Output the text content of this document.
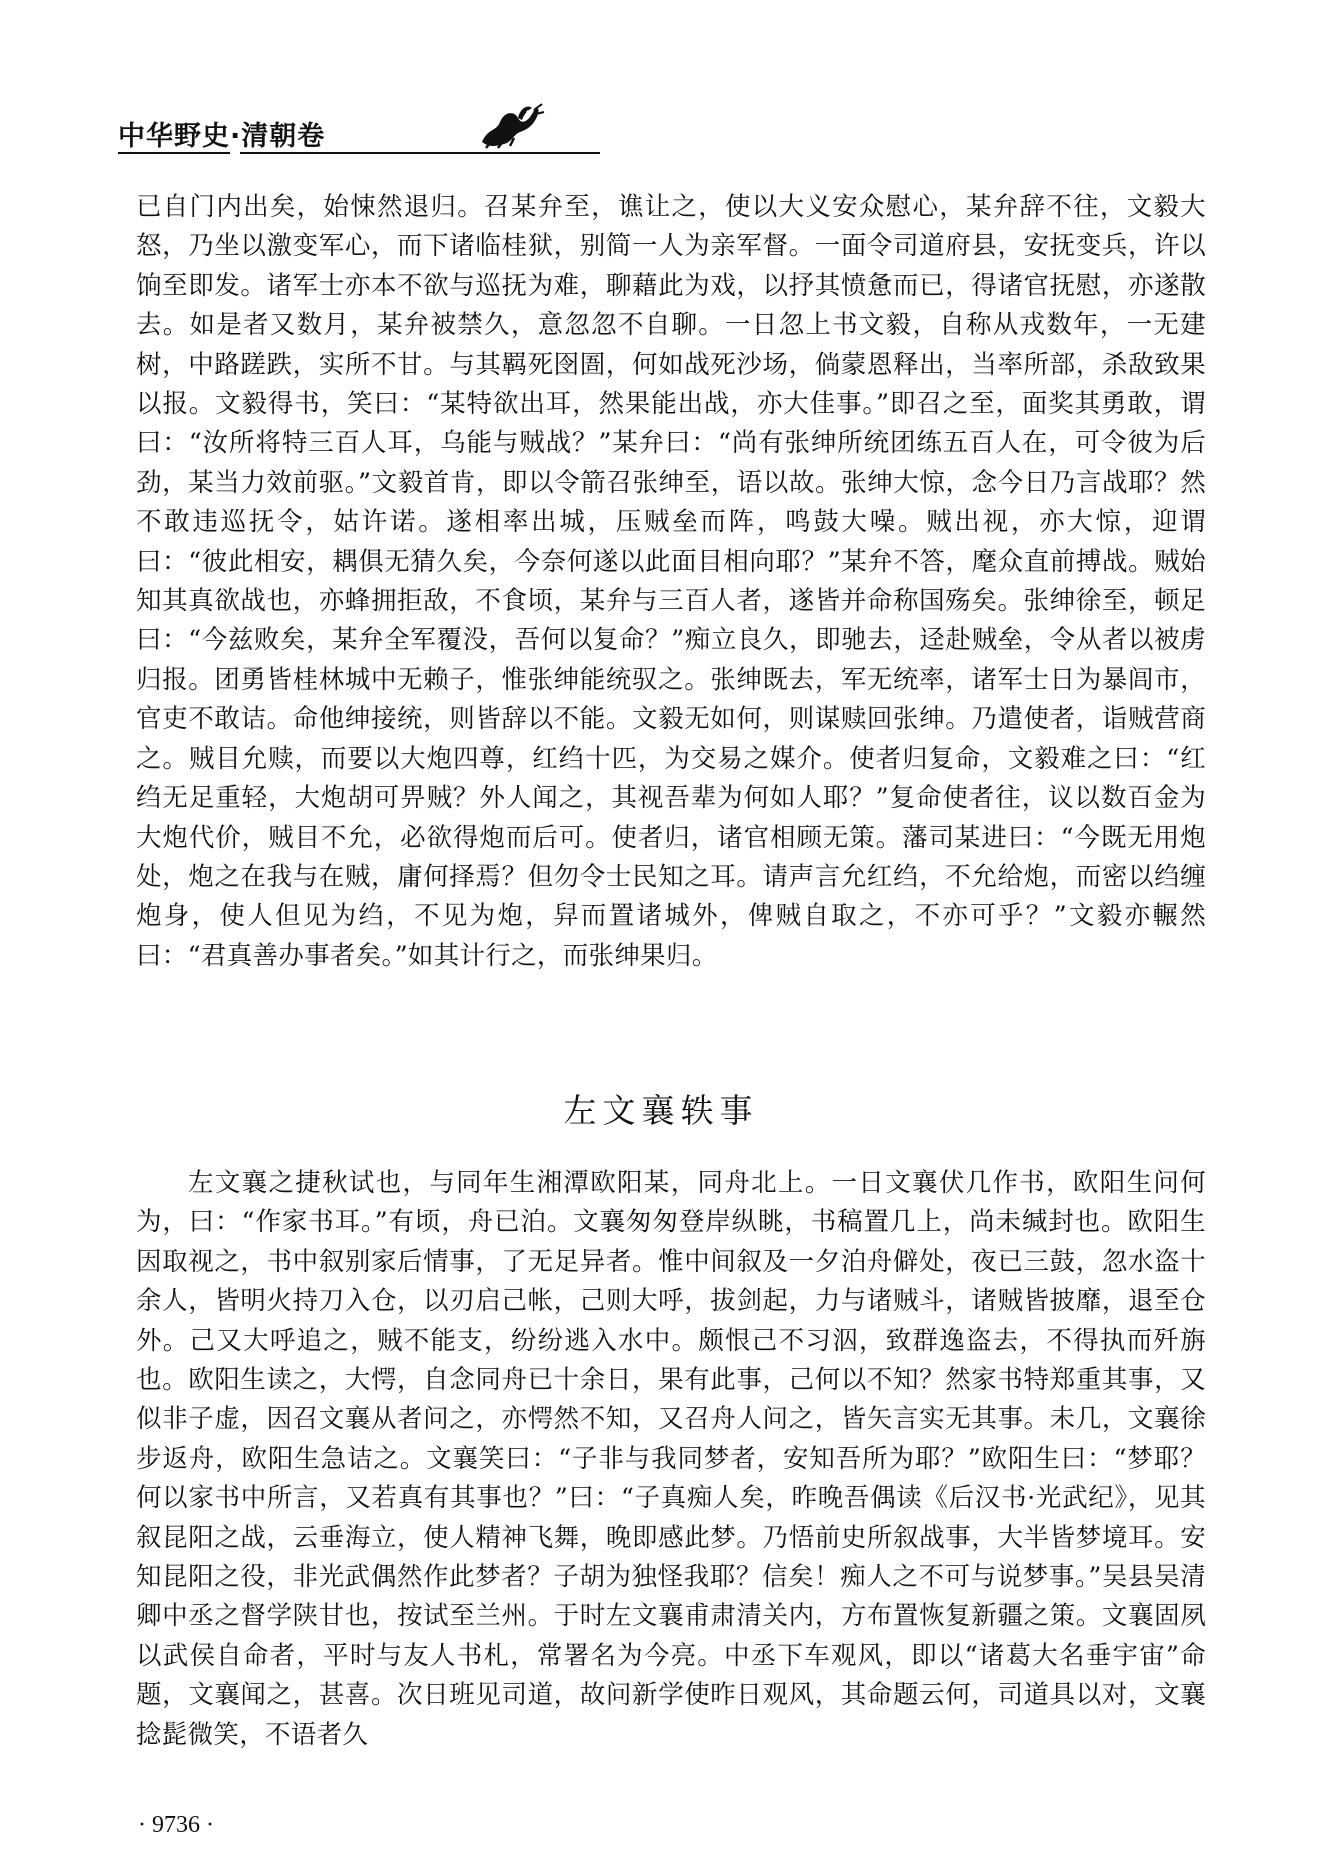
中华野史·清朝卷

已自门内出矣，始悚然退归。召某弁至，谯让之，使以大义安众慰心，某弁辞不往，文毅大怒，乃坐以激变军心，而下诸临桂狱，别简一人为亲军督。一面令司道府县，安抚变兵，许以饷至即发。诸军士亦本不欲与巡抚为难，聊藉此为戏，以抒其愤惫而已，得诸官抚慰，亦遂散去。如是者又数月，某弁被禁久，意忽忽不自聊。一日忽上书文毅，自称从戎数年，一无建树，中路蹉跌，实所不甘。与其羁死囹圄，何如战死沙场，倘蒙恩释出，当率所部，杀敌致果以报。文毅得书，笑曰：“某特欲出耳，然果能出战，亦大佳事。”即召之至，面奖其勇敢，谓曰：“汝所将特三百人耳，乌能与贼战？”某弁曰：“尚有张绅所统团练五百人在，可令彼为后劲，某当力效前驱。”文毅首肯，即以令箭召张绅至，语以故。张绅大惊，念今日乃言战耶？然不敢违巡抚令，姑许诺。遂相率出城，压贼垒而阵，鸣鼓大噪。贼出视，亦大惊，迎谓曰：“彼此相安，耦俱无猜久矣，今奈何遂以此面目相向耶？”某弁不答，麾众直前搏战。贼始知其真欲战也，亦蜂拥拒敌，不食顷，某弁与三百人者，遂皆并命称国殇矣。张绅徐至，顿足曰：“今兹败矣，某弁全军覆没，吾何以复命？”痴立良久，即驰去，迳赴贼垒，令从者以被虏归报。团勇皆桂林城中无赖子，惟张绅能统驭之。张绅既去，军无统率，诸军士日为暴闾市，官吏不敢诘。命他绅接统，则皆辞以不能。文毅无如何，则谋赎回张绅。乃遣使者，诣贼营商之。贼目允赎，而要以大炮四尊，红绉十匹，为交易之媒介。使者归复命，文毅难之曰：“红绉无足重轻，大炮胡可畀贼？外人闻之，其视吾辈为何如人耶？”复命使者往，议以数百金为大炮代价，贼目不允，必欲得炮而后可。使者归，诸官相顾无策。藩司某进曰：“今既无用炮处，炮之在我与在贼，庸何择焉？但勿令士民知之耳。请声言允红绉，不允给炮，而密以绉缠炮身，使人但见为绉，不见为炮，舁而置诸城外，俾贼自取之，不亦可乎？”文毅亦輾然曰：“君真善办事者矣。”如其计行之，而张绅果归。

左文襄轶事

左文襄之捷秋试也，与同年生湘潭欧阳某，同舟北上。一日文襄伏几作书，欧阳生问何为，曰：“作家书耳。”有顷，舟已泊。文襄匆匆登岸纵眺，书稿置几上，尚未缄封也。欧阳生因取视之，书中叙别家后情事，了无足异者。惟中间叙及一夕泊舟僻处，夜已三鼓，忽水盗十余人，皆明火持刀入仓，以刃启己帐，己则大呼，拔剑起，力与诸贼斗，诸贼皆披靡，退至仓外。己又大呼追之，贼不能支，纷纷逃入水中。颇恨己不习泅，致群逸盗去，不得执而歼旃也。欧阳生读之，大愕，自念同舟已十余日，果有此事，己何以不知？然家书特郑重其事，又似非子虚，因召文襄从者问之，亦愕然不知，又召舟人问之，皆矢言实无其事。未几，文襄徐步返舟，欧阳生急诘之。文襄笑曰：“子非与我同梦者，安知吾所为耶？”欧阳生曰：“梦耶？何以家书中所言，又若真有其事也？”曰：“子真痴人矣，昨晚吾偶读《后汉书·光武纪》，见其叙昆阳之战，云垂海立，使人精神飞舞，晚即感此梦。乃悟前史所叙战事，大半皆梦境耳。安知昆阳之役，非光武偶然作此梦者？子胡为独怪我耶？信矣！痴人之不可与说梦事。”吴县吴清卿中丞之督学陕甘也，按试至兰州。于时左文襄甫肃清关内，方布置恢复新疆之策。文襄固夙以武侯自命者，平时与友人书札，常署名为今亮。中丞下车观风，即以“诸葛大名垂宇宙”命题，文襄闻之，甚喜。次日班见司道，故问新学使昨日观风，其命题云何，司道具以对，文襄捻髭微笑，不语者久

· 9736 ·
